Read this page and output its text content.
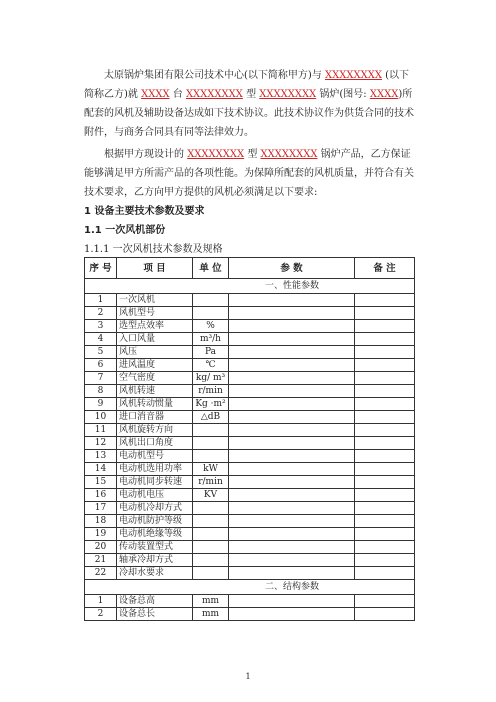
太原锅炉集团有限公司技术中心(以下简称甲方)与 XXXXXXXX (以下简称乙方)就 XXXX 台 XXXXXXXX 型 XXXXXXXX 锅炉(图号: XXXX)所配套的风机及辅助设备达成如下技术协议。此技术协议作为供货合同的技术附件，与商务合同具有同等法律效力。

根据甲方现设计的 XXXXXXXX 型 XXXXXXXX 锅炉产品，乙方保证能够满足甲方所需产品的各项性能。为保障所配套的风机质量，并符合有关技术要求，乙方向甲方提供的风机必须满足以下要求:

1 设备主要技术参数及要求
1.1 一次风机部份
1.1.1 一次风机技术参数及规格
序 号	项 目	单 位	参 数	备 注
一、性能参数				
1	一次风机			
2	风机型号			
3	选型点效率	%		
4	入口风量	m³/h		
5	风压	Pa		
6	进风温度	℃		
7	空气密度	kg/ m³		
8	风机转速	r/min		
9	风机转动惯量	Kg ·m²		
10	进口消音器	△dB		
11	风机旋转方向			
12	风机出口角度			
13	电动机型号			
14	电动机选用功率	kW		
15	电动机同步转速	r/min		
16	电动机电压	KV		
17	电动机冷却方式			
18	电动机防护等级			
19	电动机绝缘等级			
20	传动装置型式			
21	轴承冷却方式			
22	冷却水要求			
二、结构参数				
1	设备总高	mm		
2	设备总长	mm		
1
